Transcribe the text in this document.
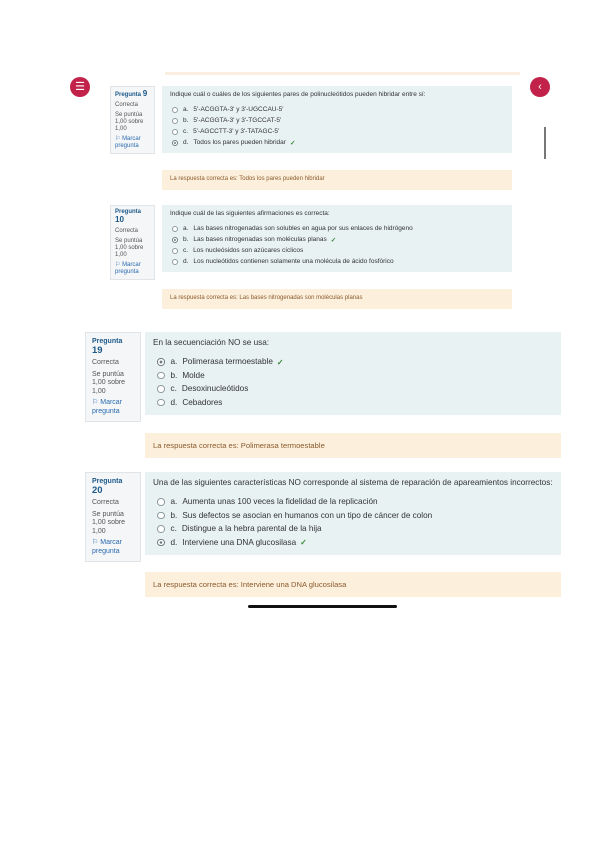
☰	‹
Pregunta 9
Correcta
Se puntúa 1,00 sobre 1,00
⚐ Marcar pregunta
Indique cuál o cuáles de los siguientes pares de polinucleótidos pueden hibridar entre sí:
a. 5'-ACGGTA-3' y 3'-UGCCAU-5'
b. 5'-ACGGTA-3' y 3'-TGCCAT-5'
c. 5'-AGCCTT-3' y 3'-TATAGC-5'
d. Todos los pares pueden hibridar ✓
La respuesta correcta es: Todos los pares pueden hibridar
Pregunta 10
Correcta
Se puntúa 1,00 sobre 1,00
⚐ Marcar pregunta
Indique cuál de las siguientes afirmaciones es correcta:
a. Las bases nitrogenadas son solubles en agua por sus enlaces de hidrógeno
b. Las bases nitrogenadas son moléculas planas ✓
c. Los nucleósidos son azúcares cíclicos
d. Los nucleótidos contienen solamente una molécula de ácido fosfórico
La respuesta correcta es: Las bases nitrogenadas son moléculas planas
Pregunta 19
Correcta
Se puntúa 1,00 sobre 1,00
⚐ Marcar pregunta
En la secuenciación NO se usa:
a. Polimerasa termoestable ✓
b. Molde
c. Desoxinucleótidos
d. Cebadores
La respuesta correcta es: Polimerasa termoestable
Pregunta 20
Correcta
Se puntúa 1,00 sobre 1,00
⚐ Marcar pregunta
Una de las siguientes características NO corresponde al sistema de reparación de apareamientos incorrectos:
a. Aumenta unas 100 veces la fidelidad de la replicación
b. Sus defectos se asocian en humanos con un tipo de cáncer de colon
c. Distingue a la hebra parental de la hija
d. Interviene una DNA glucosilasa ✓
La respuesta correcta es: Interviene una DNA glucosilasa
